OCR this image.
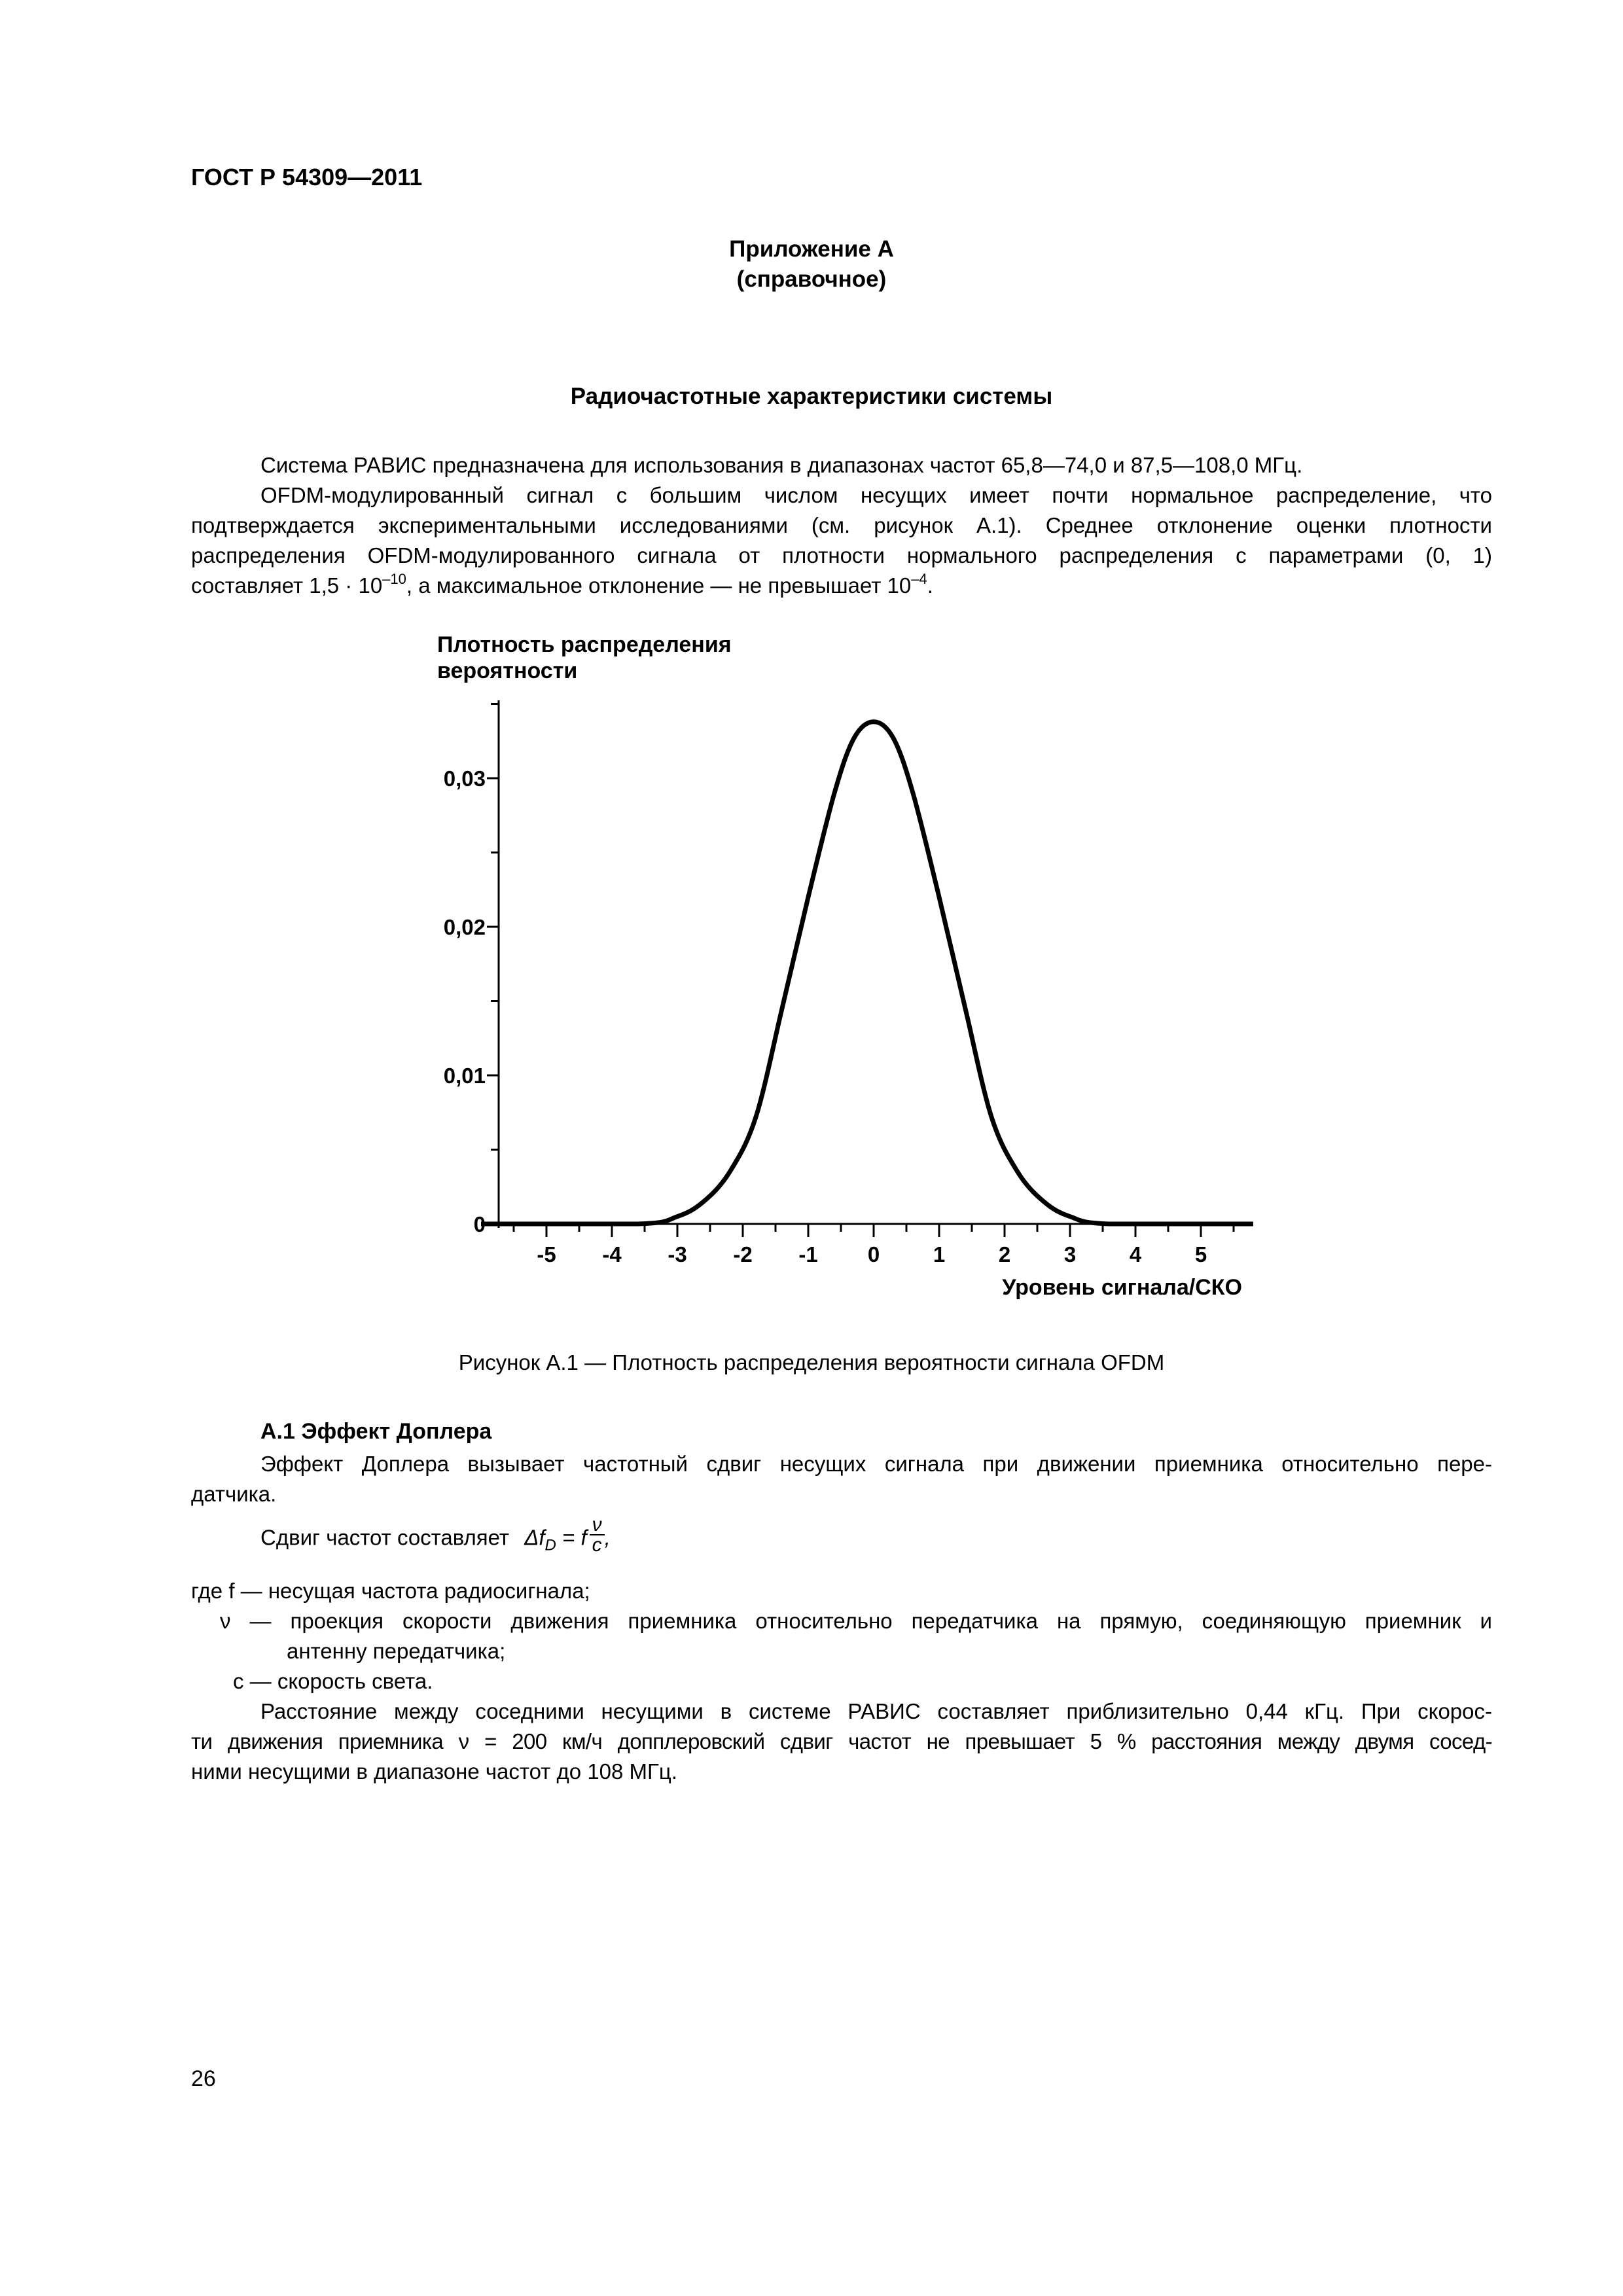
ГОСТ Р 54309—2011
Приложение А
(справочное)
Радиочастотные характеристики системы
Система РАВИС предназначена для использования в диапазонах частот 65,8—74,0 и 87,5—108,0 МГц.
OFDM-модулированный сигнал с большим числом несущих имеет почти нормальное распределение, что
подтверждается экспериментальными исследованиями (см. рисунок А.1). Среднее отклонение оценки плотности
распределения OFDM-модулированного сигнала от плотности нормального распределения с параметрами (0, 1)
составляет $1,5 \cdot 10^{-10}$, а максимальное отклонение — не превышает $10^{-4}$.
Плотность распределения
вероятности
Уровень сигнала/СКО
0
0,01
0,02
0,03
-5 -4 -3 -2 -1 0 1 2 3 4 5
Рисунок А.1 — Плотность распределения вероятности сигнала OFDM
А.1 Эффект Доплера
Эффект Доплера вызывает частотный сдвиг несущих сигнала при движении приемника относительно пере-
датчика.
Сдвиг частот составляет $\Delta f_D = f \frac{\nu}{c}$ ,
где f — несущая частота радиосигнала;
ν — проекция скорости движения приемника относительно передатчика на прямую, соединяющую приемник и
антенну передатчика;
c — скорость света.
Расстояние между соседними несущими в системе РАВИС составляет приблизительно 0,44 кГц. При скорос-
ти движения приемника ν = 200 км/ч допплеровский сдвиг частот не превышает 5 % расстояния между двумя сосед-
ними несущими в диапазоне частот до 108 МГц.
26
